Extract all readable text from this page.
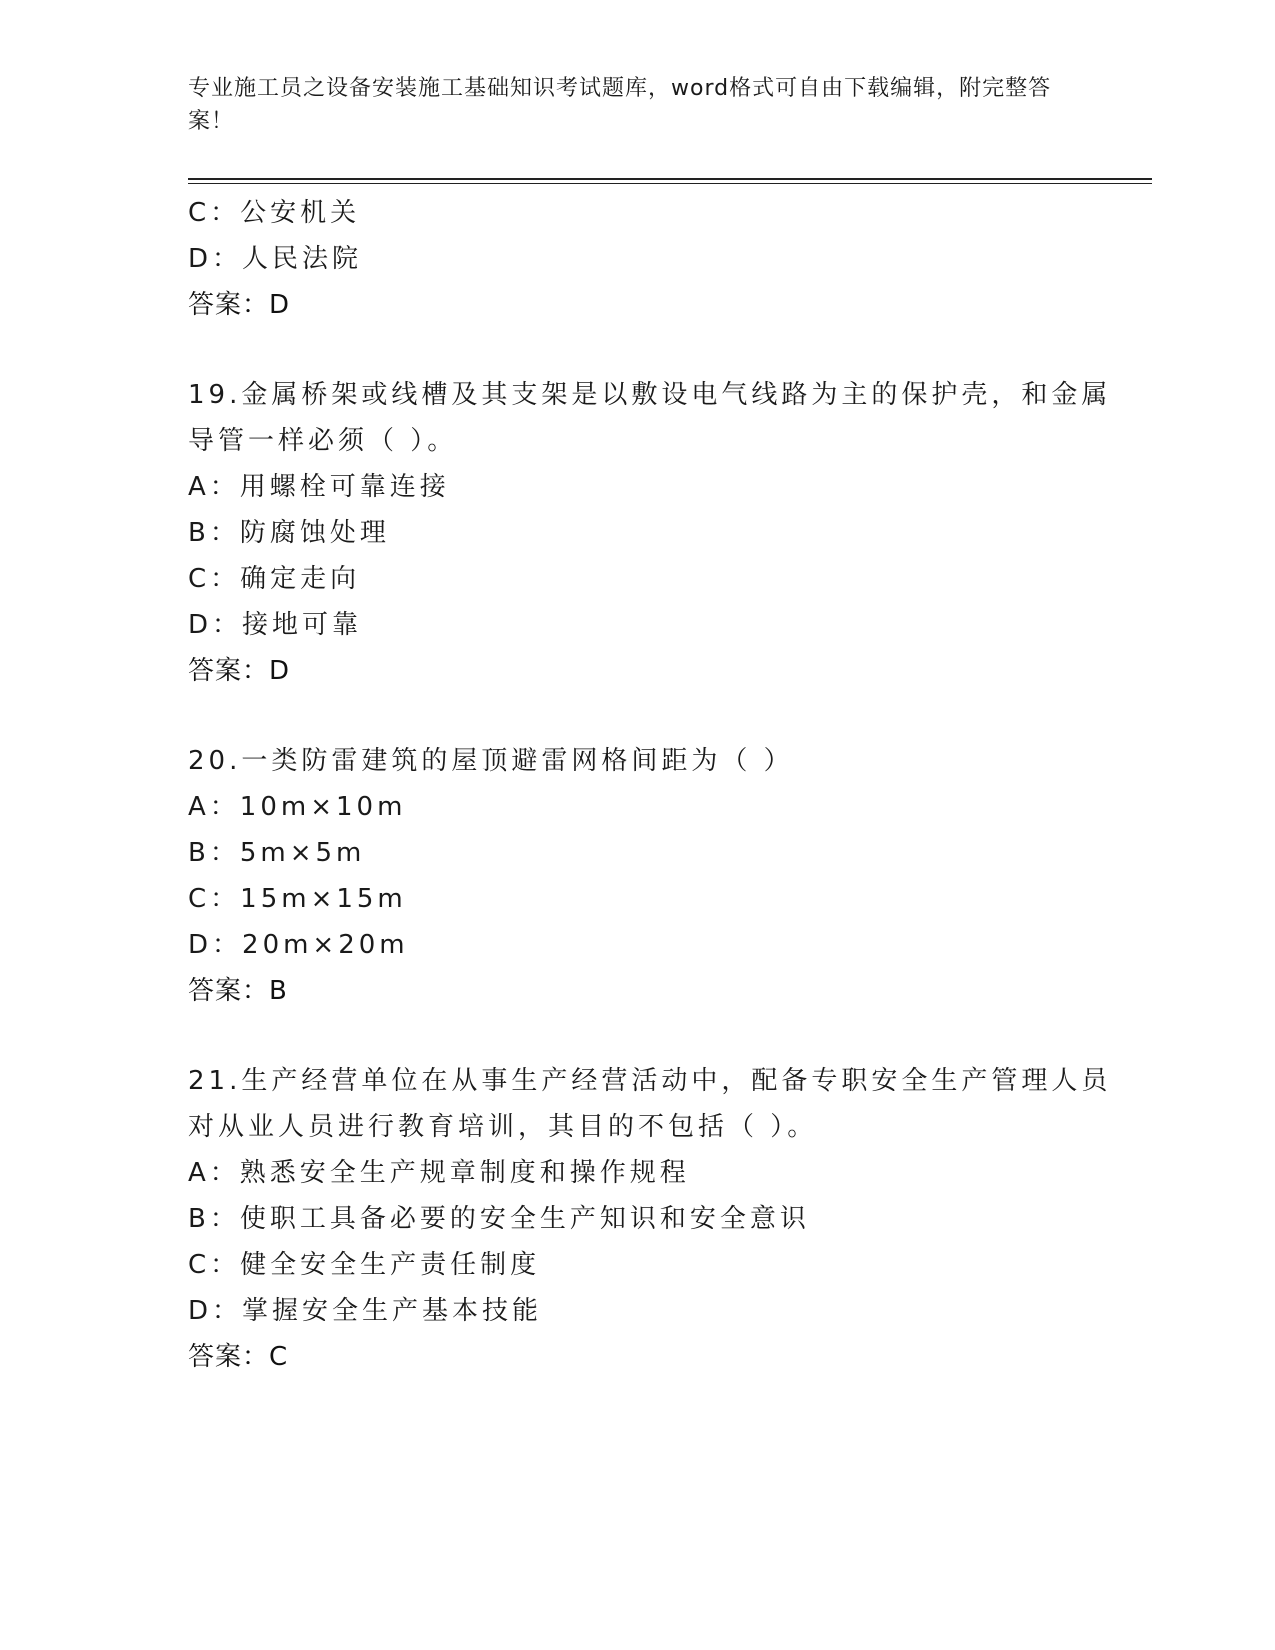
专业施工员之设备安装施工基础知识考试题库，word格式可自由下载编辑，附完整答案！
C：公安机关
D：人民法院
答案：D
19.金属桥架或线槽及其支架是以敷设电气线路为主的保护壳，和金属
导管一样必须（ ）。
A：用螺栓可靠连接
B：防腐蚀处理
C：确定走向
D：接地可靠
答案：D
20.一类防雷建筑的屋顶避雷网格间距为（ ）
A：10m×10m
B：5m×5m
C：15m×15m
D：20m×20m
答案：B
21.生产经营单位在从事生产经营活动中，配备专职安全生产管理人员
对从业人员进行教育培训，其目的不包括（ ）。
A：熟悉安全生产规章制度和操作规程
B：使职工具备必要的安全生产知识和安全意识
C：健全安全生产责任制度
D：掌握安全生产基本技能
答案：C
